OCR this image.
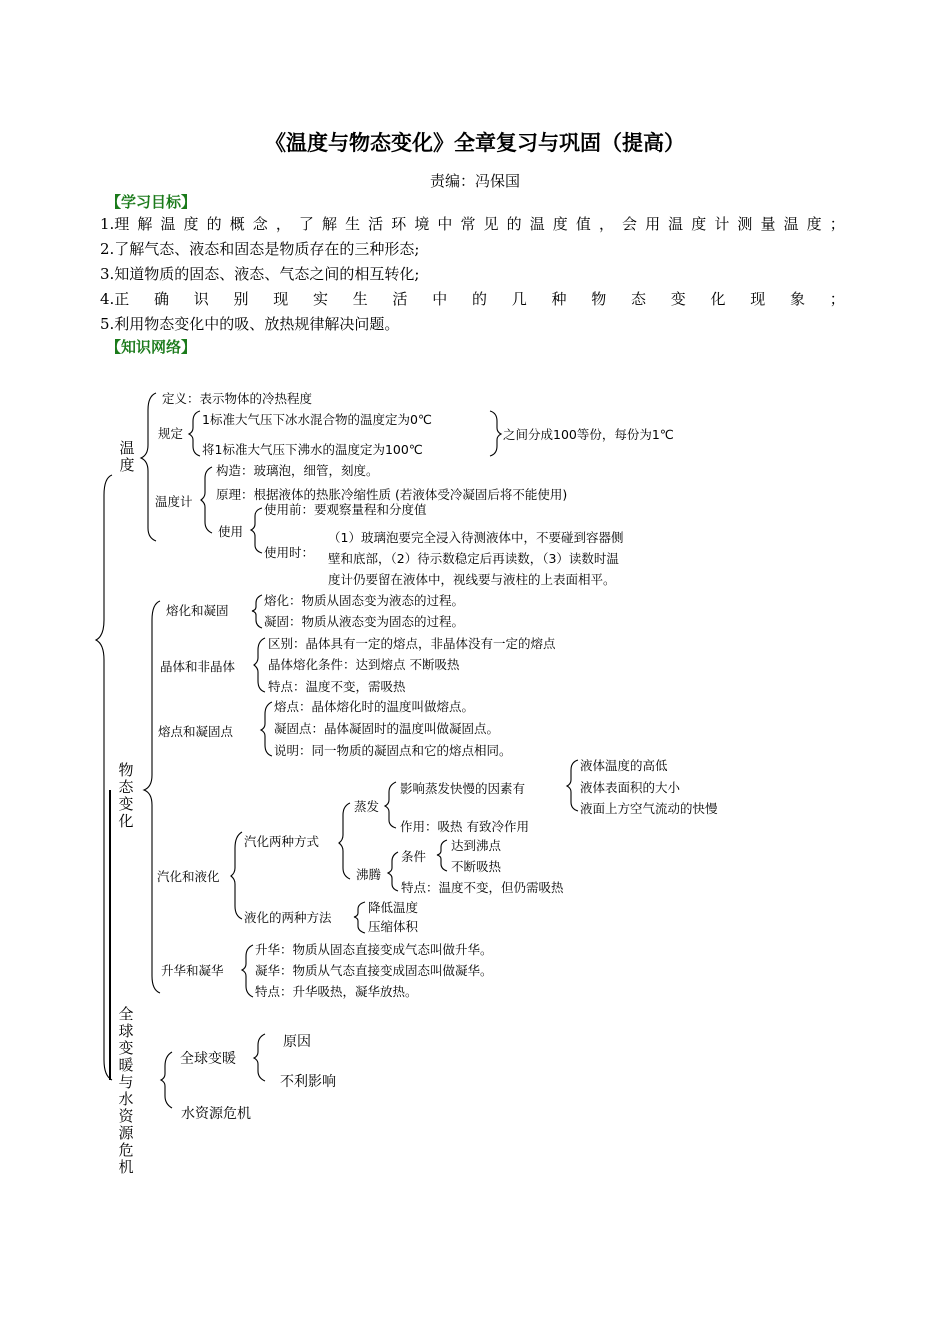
《温度与物态变化》全章复习与巩固（提高）
责编：冯保国
【学习目标】
1.理 解 温 度 的 概 念 ， 了 解 生 活 环 境 中 常 见 的 温 度 值 ， 会 用 温 度 计 测 量 温 度 ；
2.了解气态、液态和固态是物质存在的三种形态;
3.知道物质的固态、液态、气态之间的相互转化;
4.正 确 识 别 现 实 生 活 中 的 几 种 物 态 变 化 现 象 ；
5.利用物态变化中的吸、放热规律解决问题。
【知识网络】
温度
定义：表示物体的冷热程度
规定
1标准大气压下冰水混合物的温度定为0℃
将1标准大气压下沸水的温度定为100℃
之间分成100等份，每份为1℃
温度计
构造：玻璃泡，细管，刻度。
原理：根据液体的热胀冷缩性质 (若液体受冷凝固后将不能使用)
使用
使用前：要观察量程和分度值
使用时：
（1）玻璃泡要完全浸入待测液体中，不要碰到容器侧
壁和底部，（2）待示数稳定后再读数，（3）读数时温
度计仍要留在液体中，视线要与液柱的上表面相平。
物态变化
熔化和凝固
熔化：物质从固态变为液态的过程。
凝固：物质从液态变为固态的过程。
晶体和非晶体
区别：晶体具有一定的熔点，非晶体没有一定的熔点
晶体熔化条件：达到熔点 不断吸热
特点：温度不变，需吸热
熔点和凝固点
熔点：晶体熔化时的温度叫做熔点。
凝固点：晶体凝固时的温度叫做凝固点。
说明：同一物质的凝固点和它的熔点相同。
汽化和液化
汽化两种方式
蒸发
影响蒸发快慢的因素有
液体温度的高低
液体表面积的大小
液面上方空气流动的快慢
作用：吸热 有致冷作用
沸腾
条件
达到沸点
不断吸热
特点：温度不变，但仍需吸热
液化的两种方法
降低温度
压缩体积
升华和凝华
升华：物质从固态直接变成气态叫做升华。
凝华：物质从气态直接变成固态叫做凝华。
特点：升华吸热，凝华放热。
全球变暖与水资源危机
全球变暖
原因
不利影响
水资源危机
